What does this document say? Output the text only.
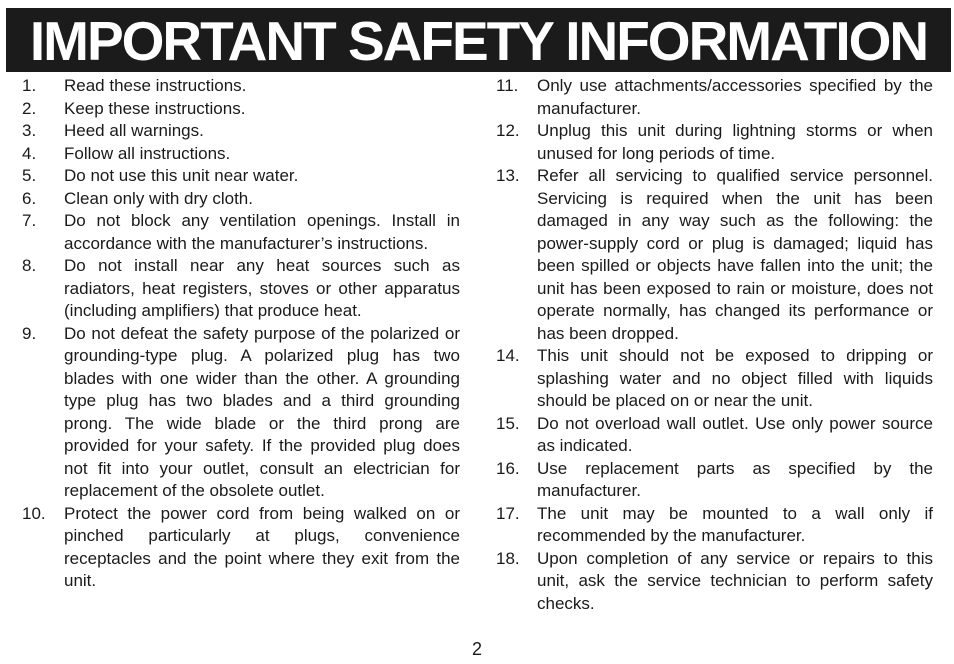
IMPORTANT SAFETY INFORMATION
1.	Read these instructions.
2.	Keep these instructions.
3.	Heed all warnings.
4.	Follow all instructions.
5.	Do not use this unit near water.
6.	Clean only with dry cloth.
7.	Do not block any ventilation openings. Install in accordance with the manufacturer’s instructions.
8.	Do not install near any heat sources such as radiators, heat registers, stoves or other apparatus (including amplifiers) that produce heat.
9.	Do not defeat the safety purpose of the polarized or grounding-type plug. A polarized plug has two blades with one wider than the other. A grounding type plug has two blades and a third grounding prong. The wide blade or the third prong are provided for your safety. If the provided plug does not fit into your outlet, consult an electrician for replacement of the obsolete outlet.
10.	Protect the power cord from being walked on or pinched particularly at plugs, convenience receptacles and the point where they exit from the unit.
11.	Only use attachments/accessories specified by the manufacturer.
12.	Unplug this unit during lightning storms or when unused for long periods of time.
13.	Refer all servicing to qualified service personnel. Servicing is required when the unit has been damaged in any way such as the following: the power-supply cord or plug is damaged; liquid has been spilled or objects have fallen into the unit; the unit has been exposed to rain or moisture, does not operate normally, has changed its performance or has been dropped.
14.	This unit should not be exposed to dripping or splashing water and no object filled with liquids should be placed on or near the unit.
15.	Do not overload wall outlet. Use only power source as indicated.
16.	Use replacement parts as specified by the manufacturer.
17.	The unit may be mounted to a wall only if recommended by the manufacturer.
18.	Upon completion of any service or repairs to this unit, ask the service technician to perform safety checks.
2
